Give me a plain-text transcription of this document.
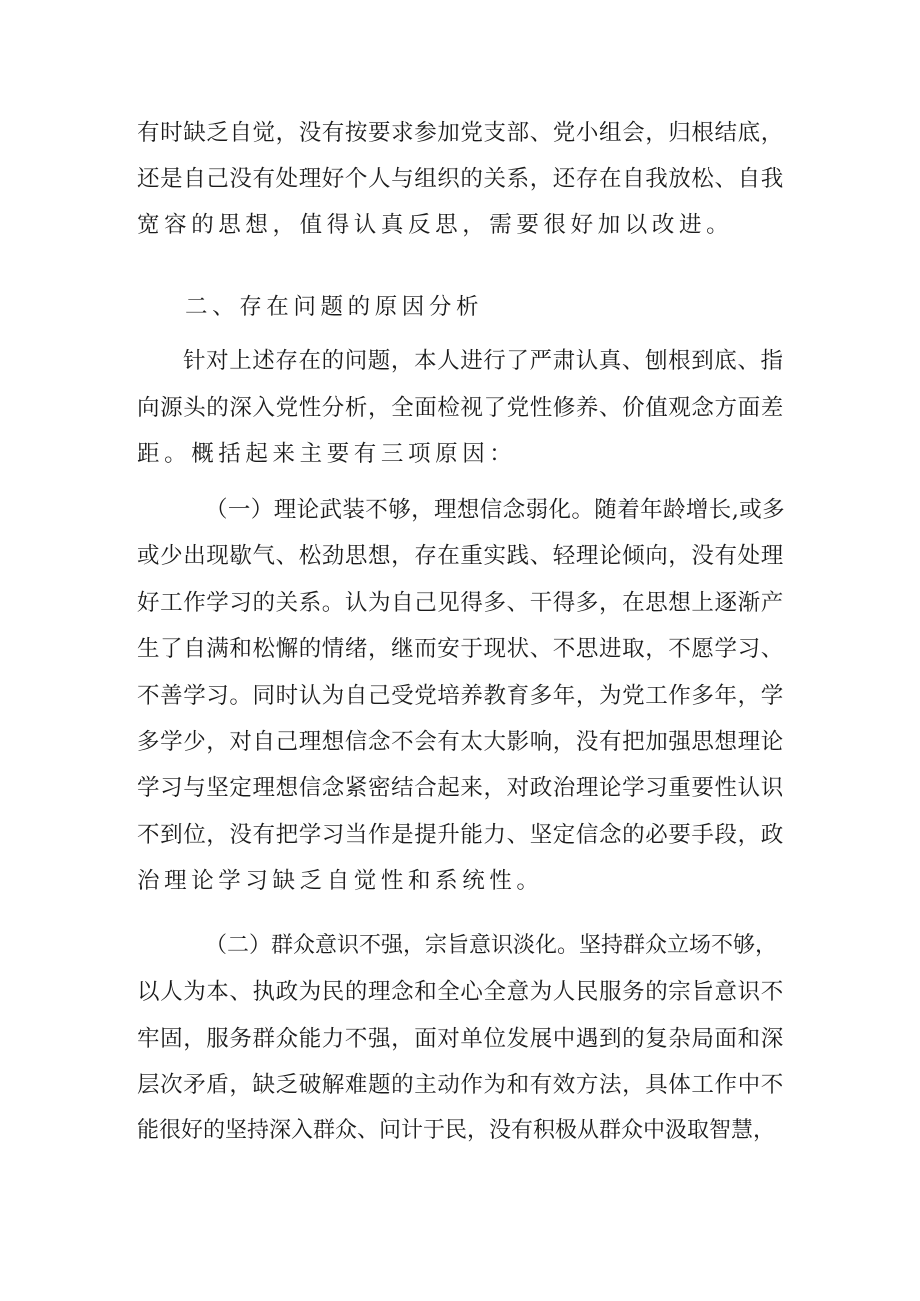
有时缺乏自觉，没有按要求参加党支部、党小组会，归根结底，
还是自己没有处理好个人与组织的关系，还存在自我放松、自我
宽容的思想，值得认真反思，需要很好加以改进。
二、存在问题的原因分析
针对上述存在的问题，本人进行了严肃认真、刨根到底、指
向源头的深入党性分析，全面检视了党性修养、价值观念方面差
距。概括起来主要有三项原因：
（一）理论武装不够，理想信念弱化。随着年龄增长,或多
或少出现歇气、松劲思想，存在重实践、轻理论倾向，没有处理
好工作学习的关系。认为自己见得多、干得多，在思想上逐渐产
生了自满和松懈的情绪，继而安于现状、不思进取，不愿学习、
不善学习。同时认为自己受党培养教育多年，为党工作多年，学
多学少，对自己理想信念不会有太大影响，没有把加强思想理论
学习与坚定理想信念紧密结合起来，对政治理论学习重要性认识
不到位，没有把学习当作是提升能力、坚定信念的必要手段，政
治理论学习缺乏自觉性和系统性。
（二）群众意识不强，宗旨意识淡化。坚持群众立场不够，
以人为本、执政为民的理念和全心全意为人民服务的宗旨意识不
牢固，服务群众能力不强，面对单位发展中遇到的复杂局面和深
层次矛盾，缺乏破解难题的主动作为和有效方法，具体工作中不
能很好的坚持深入群众、问计于民，没有积极从群众中汲取智慧，
